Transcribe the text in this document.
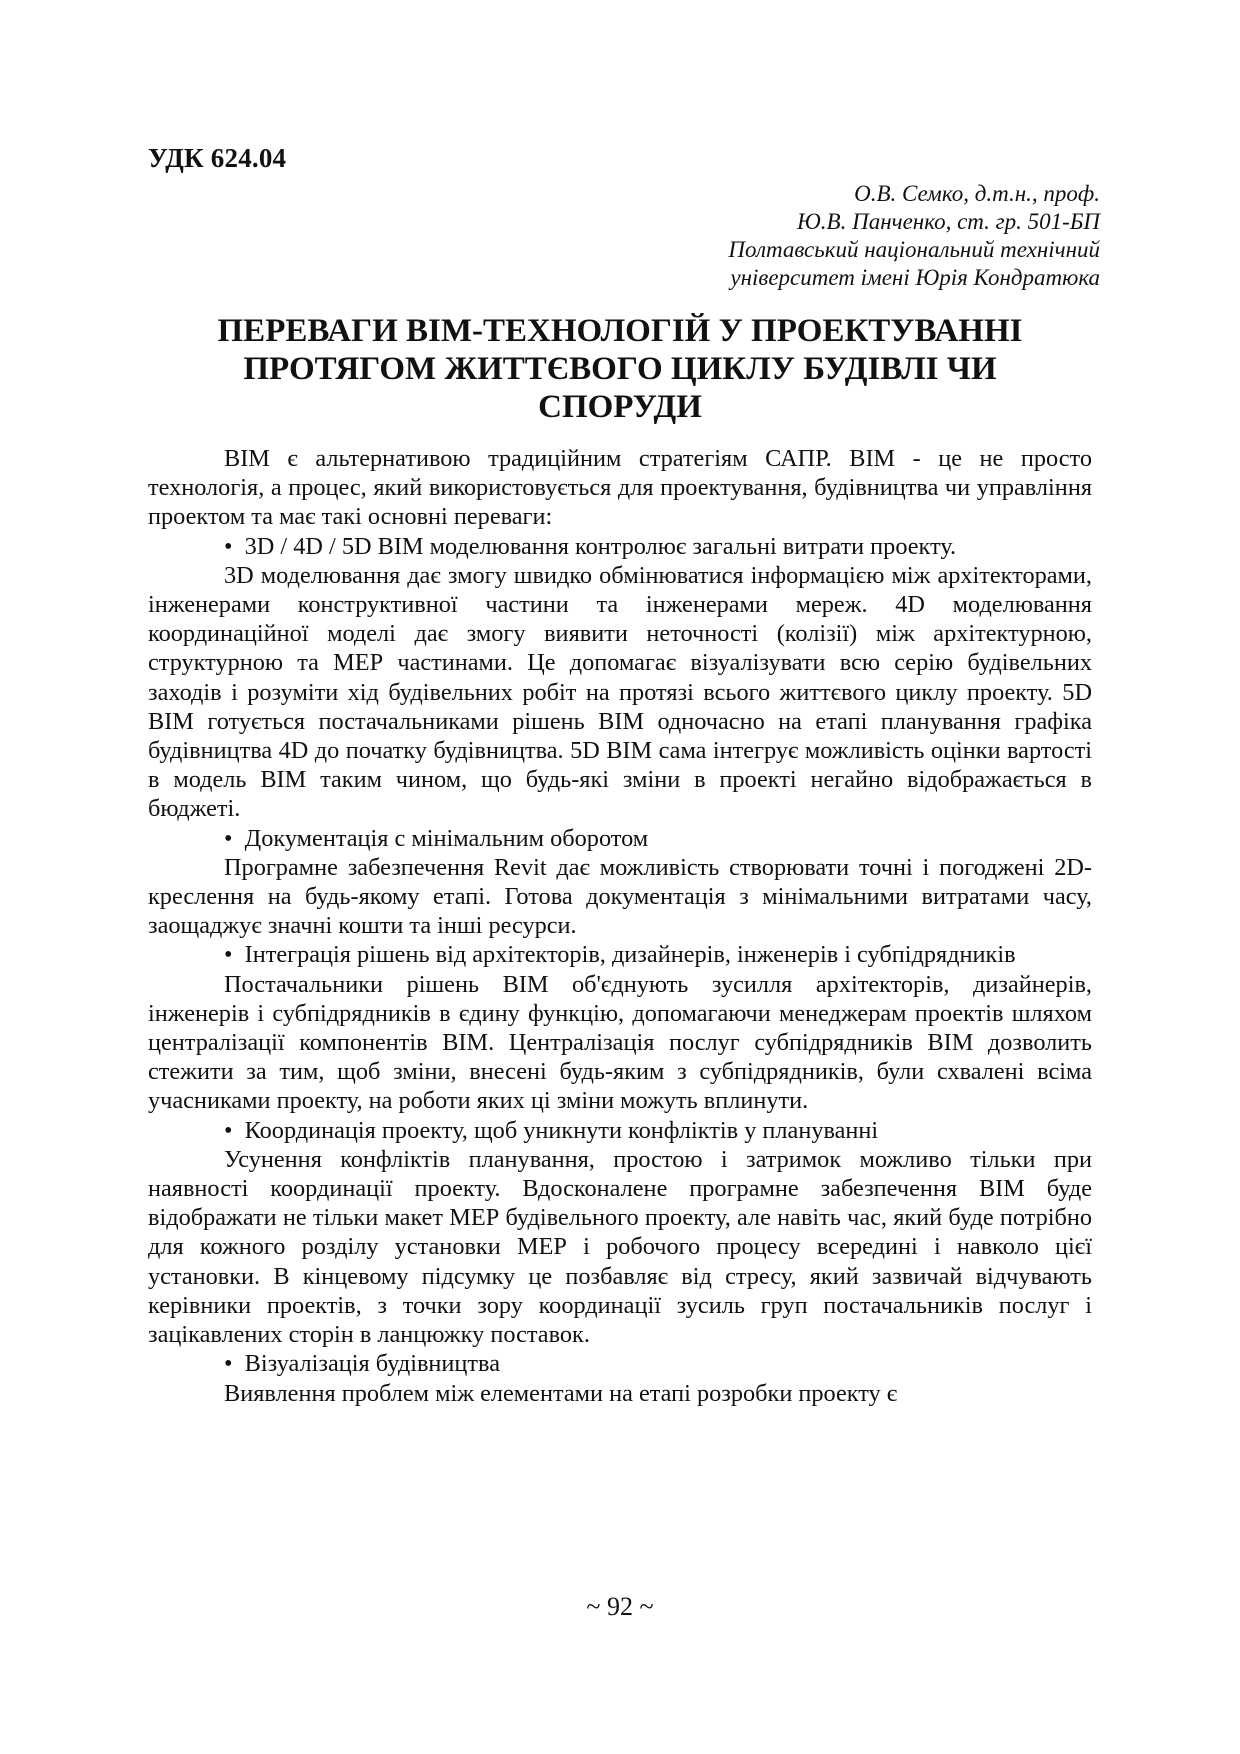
УДК 624.04
О.В. Семко, д.т.н., проф.
Ю.В. Панченко, ст. гр. 501-БП
Полтавський національний технічний
університет імені Юрія Кондратюка
ПЕРЕВАГИ ВІМ-ТЕХНОЛОГІЙ У ПРОЕКТУВАННІ
ПРОТЯГОМ ЖИТТЄВОГО ЦИКЛУ БУДІВЛІ ЧИ
СПОРУДИ

ВІМ є альтернативою традиційним стратегіям САПР. ВІМ - це не просто технологія, а процес, який використовується для проектування, будівництва чи управління проектом та має такі основні переваги:

•  3D / 4D / 5D ВІМ моделювання контролює загальні витрати проекту.

3D моделювання дає змогу швидко обмінюватися інформацією між архітекторами, інженерами конструктивної частини та інженерами мереж. 4D моделювання координаційної моделі дає змогу виявити неточності (колізії) між архітектурною, структурною та МЕР частинами. Це допомагає візуалізувати всю серію будівельних заходів і розуміти хід будівельних робіт на протязі всього життєвого циклу проекту. 5D ВІМ готується постачальниками рішень ВІМ одночасно на етапі планування графіка будівництва 4D до початку будівництва. 5D ВІМ сама інтегрує можливість оцінки вартості в модель ВІМ таким чином, що будь-які зміни в проекті негайно відображається в бюджеті.

•  Документація с мінімальним оборотом

Програмне забезпечення Revit дає можливість створювати точні і погоджені 2D-креслення на будь-якому етапі. Готова документація з мінімальними витратами часу, заощаджує значні кошти та інші ресурси.

•  Інтеграція рішень від архітекторів, дизайнерів, інженерів і субпідрядників

Постачальники рішень ВІМ об'єднують зусилля архітекторів, дизайнерів, інженерів і субпідрядників в єдину функцію, допомагаючи менеджерам проектів шляхом централізації компонентів ВІМ. Централізація послуг субпідрядників ВІМ дозволить стежити за тим, щоб зміни, внесені будь-яким з субпідрядників, були схвалені всіма учасниками проекту, на роботи яких ці зміни можуть вплинути.

•  Координація проекту, щоб уникнути конфліктів у плануванні

Усунення конфліктів планування, простою і затримок можливо тільки при наявності координації проекту. Вдосконалене програмне забезпечення ВІМ буде відображати не тільки макет МЕР будівельного проекту, але навіть час, який буде потрібно для кожного розділу установки МЕР і робочого процесу всередині і навколо цієї установки. В кінцевому підсумку це позбавляє від стресу, який зазвичай відчувають керівники проектів, з точки зору координації зусиль груп постачальників послуг і зацікавлених сторін в ланцюжку поставок.

•  Візуалізація будівництва

Виявлення проблем між елементами на етапі розробки проекту є

~ 92 ~
